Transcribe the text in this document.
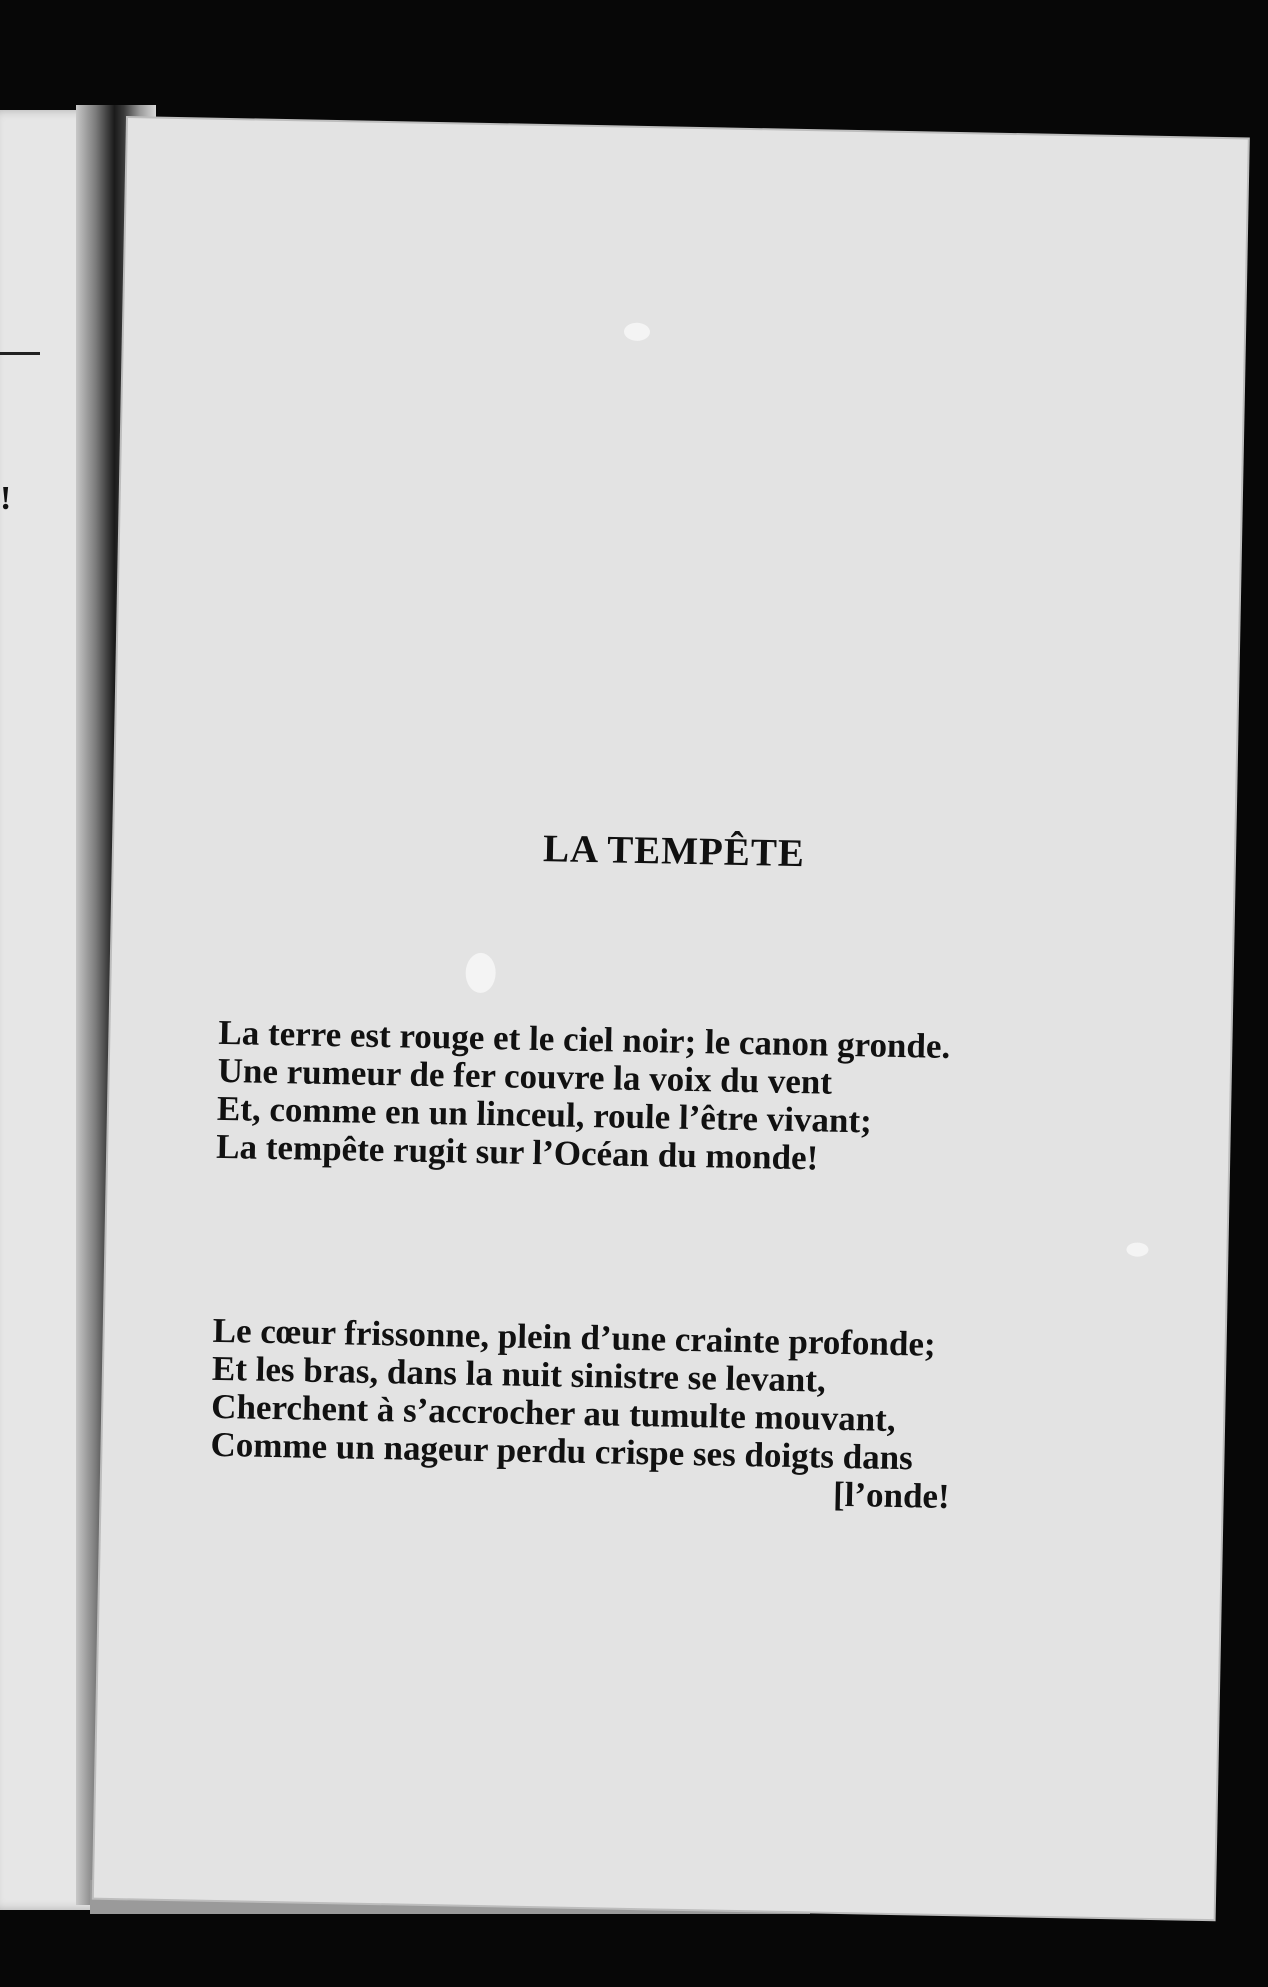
!
LA TEMPÊTE
La terre est rouge et le ciel noir; le canon gronde.
Une rumeur de fer couvre la voix du vent
Et, comme en un linceul, roule l’être vivant;
La tempête rugit sur l’Océan du monde!
Le cœur frissonne, plein d’une crainte profonde;
Et les bras, dans la nuit sinistre se levant,
Cherchent à s’accrocher au tumulte mouvant,
Comme un nageur perdu crispe ses doigts dans
[l’onde!
